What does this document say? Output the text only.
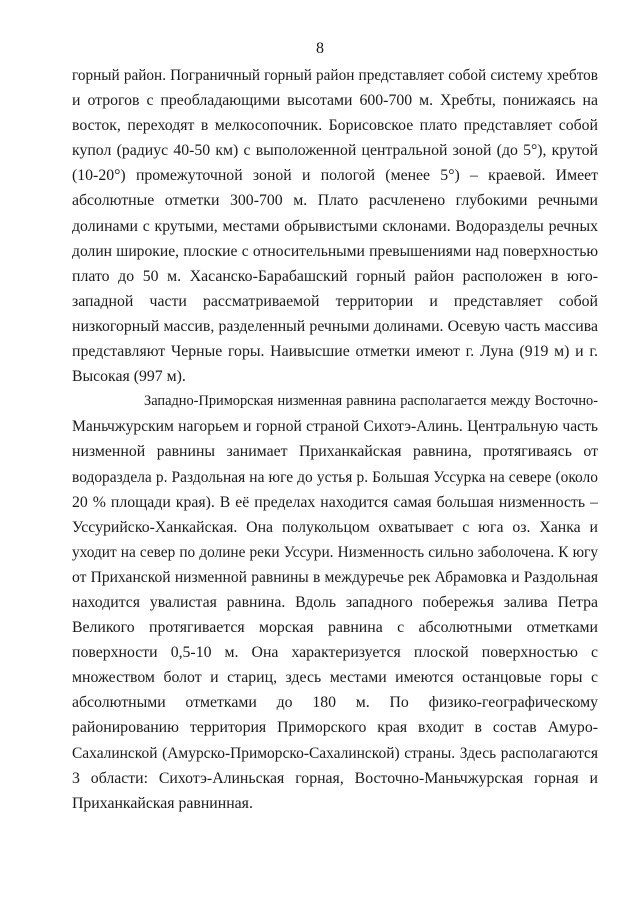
8
горный район. Пограничный горный район представляет собой систему хребтов
и отрогов с преобладающими высотами 600-700 м. Хребты, понижаясь на
восток, переходят в мелкосопочник. Борисовское плато представляет собой
купол (радиус 40-50 км) с выположенной центральной зоной (до 5°), крутой
(10-20°) промежуточной зоной и пологой (менее 5°) – краевой. Имеет
абсолютные отметки 300-700 м. Плато расчленено глубокими речными
долинами с крутыми, местами обрывистыми склонами. Водоразделы речных
долин широкие, плоские с относительными превышениями над поверхностью
плато до 50 м. Хасанско-Барабашский горный район расположен в юго-
западной части рассматриваемой территории и представляет собой
низкогорный массив, разделенный речными долинами. Осевую часть массива
представляют Черные горы. Наивысшие отметки имеют г. Луна (919 м) и г.
Высокая (997 м).
Западно-Приморская низменная равнина располагается между Восточно-
Маньчжурским нагорьем и горной страной Сихотэ-Алинь. Центральную часть
низменной равнины занимает Приханкайская равнина, протягиваясь от
водораздела р. Раздольная на юге до устья р. Большая Уссурка на севере (около
20 % площади края). В её пределах находится самая большая низменность –
Уссурийско-Ханкайская. Она полукольцом охватывает с юга оз. Ханка и
уходит на север по долине реки Уссури. Низменность сильно заболочена. К югу
от Приханской низменной равнины в междуречье рек Абрамовка и Раздольная
находится увалистая равнина. Вдоль западного побережья залива Петра
Великого протягивается морская равнина с абсолютными отметками
поверхности 0,5-10 м. Она характеризуется плоской поверхностью с
множеством болот и стариц, здесь местами имеются останцовые горы с
абсолютными отметками до 180 м. По физико-географическому
районированию территория Приморского края входит в состав Амуро-
Сахалинской (Амурско-Приморско-Сахалинской) страны. Здесь располагаются
3 области: Сихотэ-Алиньская горная, Восточно-Маньчжурская горная и
Приханкайская равнинная.
